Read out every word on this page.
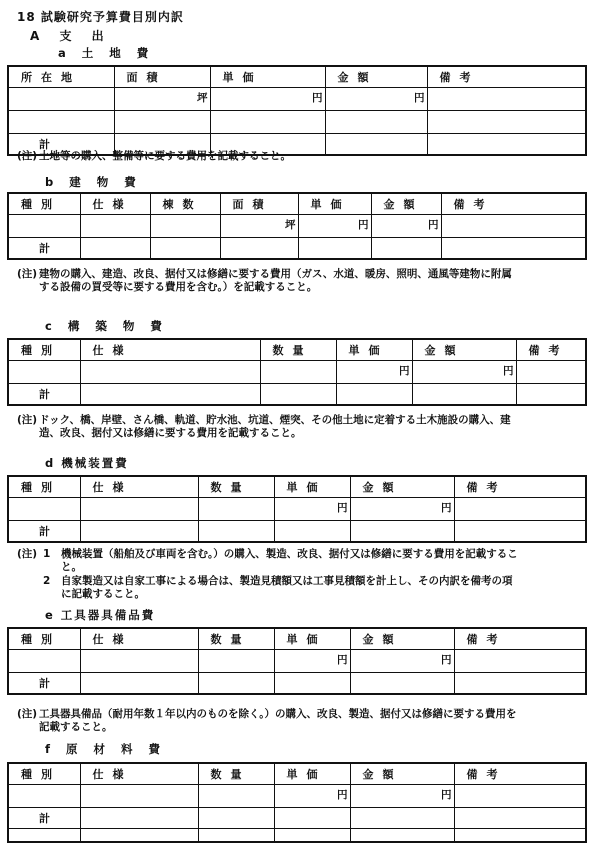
18 試験研究予算費目別内訳
A 支 出
a 土 地 費
所在地	面積	単価	金額	備考

	坪	円	円	

計				

(注) 土地等の購入、整備等に要する費用を記載すること。

b 建 物 費
種別	仕様	棟数	面積	単価	金額	備考

			坪	円	円	

計						

(注) 建物の購入、建造、改良、据付又は修繕に要する費用（ガス、水道、暖房、照明、通風等建物に附属
する設備の買受等に要する費用を含む。）を記載すること。

c 構 築 物 費
種別	仕様	数量	単価	金額	備考

			円	円	

計					

(注) ドック、橋、岸壁、さん橋、軌道、貯水池、坑道、煙突、その他土地に定着する土木施設の購入、建
造、改良、据付又は修繕に要する費用を記載すること。

d 機械装置費
種別	仕様	数量	単価	金額	備考

			円	円	

計					

(注) 1 機械装置（船舶及び車両を含む。）の購入、製造、改良、据付又は修繕に要する費用を記載するこ
と。

2 自家製造又は自家工事による場合は、製造見積額又は工事見積額を計上し、その内訳を備考の項
に記載すること。

e 工具器具備品費
種別	仕様	数量	単価	金額	備考

			円	円	

計					

(注) 工具器具備品（耐用年数１年以内のものを除く。）の購入、改良、製造、据付又は修繕に要する費用を
記載すること。

f 原 材 料 費
種別	仕様	数量	単価	金額	備考

			円	円	

計					
